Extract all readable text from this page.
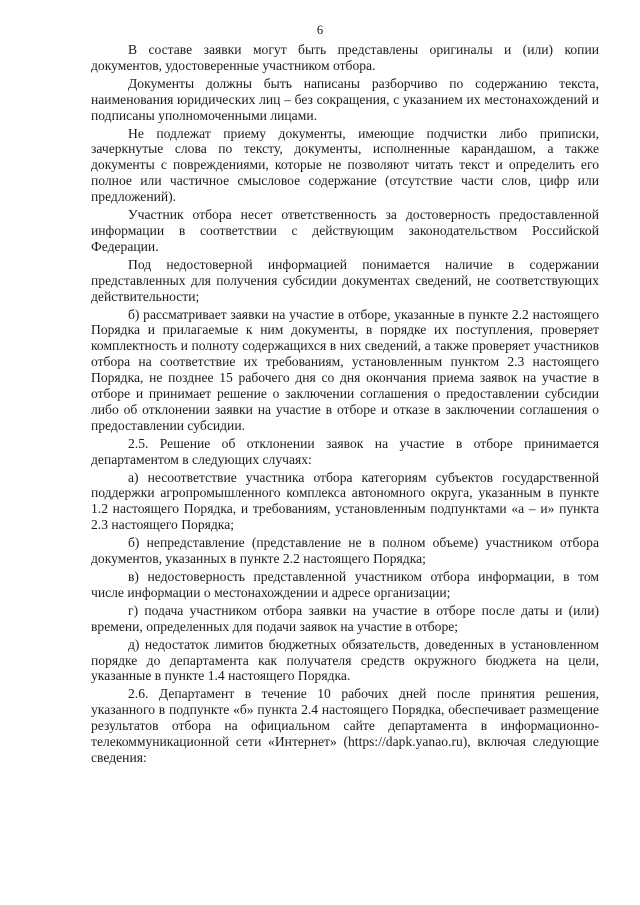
6

В составе заявки могут быть представлены оригиналы и (или) копии документов, удостоверенные участником отбора.

Документы должны быть написаны разборчиво по содержанию текста, наименования юридических лиц – без сокращения, с указанием их местонахождений и подписаны уполномоченными лицами.

Не подлежат приему документы, имеющие подчистки либо приписки, зачеркнутые слова по тексту, документы, исполненные карандашом, а также документы с повреждениями, которые не позволяют читать текст и определить его полное или частичное смысловое содержание (отсутствие части слов, цифр или предложений).

Участник отбора несет ответственность за достоверность предоставленной информации в соответствии с действующим законодательством Российской Федерации.

Под недостоверной информацией понимается наличие в содержании представленных для получения субсидии документах сведений, не соответствующих действительности;

б) рассматривает заявки на участие в отборе, указанные в пункте 2.2 настоящего Порядка и прилагаемые к ним документы, в порядке их поступления, проверяет комплектность и полноту содержащихся в них сведений, а также проверяет участников отбора на соответствие их требованиям, установленным пунктом 2.3 настоящего Порядка, не позднее 15 рабочего дня со дня окончания приема заявок на участие в отборе и принимает решение о заключении соглашения о предоставлении субсидии либо об отклонении заявки на участие в отборе и отказе в заключении соглашения о предоставлении субсидии.

2.5. Решение об отклонении заявок на участие в отборе принимается департаментом в следующих случаях:

а) несоответствие участника отбора категориям субъектов государственной поддержки агропромышленного комплекса автономного округа, указанным в пункте 1.2 настоящего Порядка, и требованиям, установленным подпунктами «а – и» пункта 2.3 настоящего Порядка;

б) непредставление (представление не в полном объеме) участником отбора документов, указанных в пункте 2.2 настоящего Порядка;

в) недостоверность представленной участником отбора информации, в том числе информации о местонахождении и адресе организации;

г) подача участником отбора заявки на участие в отборе после даты и (или) времени, определенных для подачи заявок на участие в отборе;

д) недостаток лимитов бюджетных обязательств, доведенных в установленном порядке до департамента как получателя средств окружного бюджета на цели, указанные в пункте 1.4 настоящего Порядка.

2.6. Департамент в течение 10 рабочих дней после принятия решения, указанного в подпункте «б» пункта 2.4 настоящего Порядка, обеспечивает размещение результатов отбора на официальном сайте департамента в информационно-телекоммуникационной сети «Интернет» (https://dapk.yanao.ru), включая следующие сведения:
